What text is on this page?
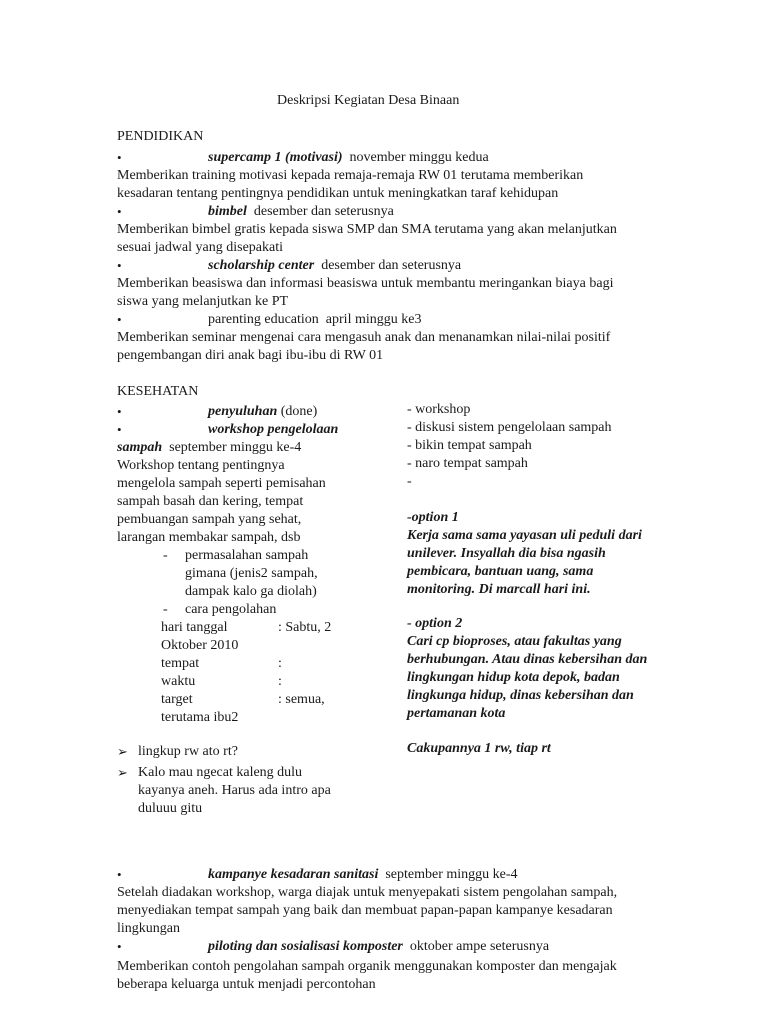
Deskripsi Kegiatan Desa Binaan
PENDIDIKAN
•	supercamp 1 (motivasi) november minggu kedua
Memberikan training motivasi kepada remaja-remaja RW 01 terutama memberikan
kesadaran tentang pentingnya pendidikan untuk meningkatkan taraf kehidupan
•	bimbel desember dan seterusnya
Memberikan bimbel gratis kepada siswa SMP dan SMA terutama yang akan melanjutkan
sesuai jadwal yang disepakati
•	scholarship center desember dan seterusnya
Memberikan beasiswa dan informasi beasiswa untuk membantu meringankan biaya bagi
siswa yang melanjutkan ke PT
•	parenting education april minggu ke3
Memberikan seminar mengenai cara mengasuh anak dan menanamkan nilai-nilai positif
pengembangan diri anak bagi ibu-ibu di RW 01
KESEHATAN
•	penyuluhan (done)
•	workshop pengelolaan
sampah september minggu ke-4
Workshop tentang pentingnya
mengelola sampah seperti pemisahan
sampah basah dan kering, tempat
pembuangan sampah yang sehat,
larangan membakar sampah, dsb
- permasalahan sampah
gimana (jenis2 sampah,
dampak kalo ga diolah)
- cara pengolahan
hari tanggal	: Sabtu, 2
Oktober 2010
tempat	:
waktu	:
target	: semua,
terutama ibu2
➢ lingkup rw ato rt?
➢ Kalo mau ngecat kaleng dulu
kayanya aneh. Harus ada intro apa
duluuu gitu
- workshop
- diskusi sistem pengelolaan sampah
- bikin tempat sampah
- naro tempat sampah
-
-option 1
Kerja sama sama yayasan uli peduli dari
unilever. Insyallah dia bisa ngasih
pembicara, bantuan uang, sama
monitoring. Di marcall hari ini.
- option 2
Cari cp bioproses, atau fakultas yang
berhubungan. Atau dinas kebersihan dan
lingkungan hidup kota depok, badan
lingkunga hidup, dinas kebersihan dan
pertamanan kota
Cakupannya 1 rw, tiap rt
•	kampanye kesadaran sanitasi september minggu ke-4
Setelah diadakan workshop, warga diajak untuk menyepakati sistem pengolahan sampah,
menyediakan tempat sampah yang baik dan membuat papan-papan kampanye kesadaran
lingkungan
•	piloting dan sosialisasi komposter oktober ampe seterusnya
Memberikan contoh pengolahan sampah organik menggunakan komposter dan mengajak
beberapa keluarga untuk menjadi percontohan
